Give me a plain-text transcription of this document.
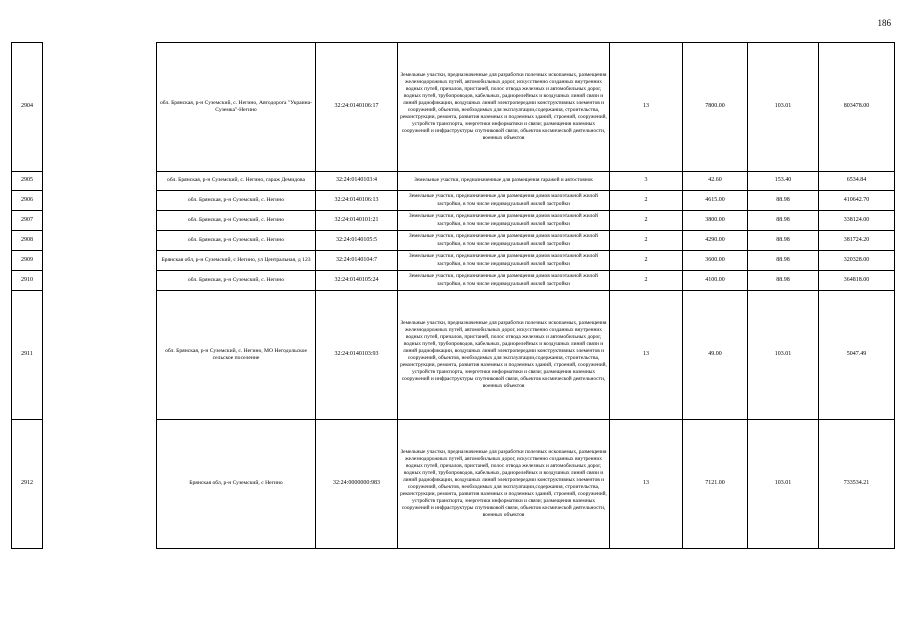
186
2904		обл. Брянская, р-н Суземский, с. Негино, Автодорога "Украина-Суземка"-Негино	32:24:0140106:17	Земельные участки, предназначенные для разработки полезных ископаемых, размещения железнодорожных путей, автомобильных дорог, искусственно созданных внутренних водных путей, причалов, пристаней, полос отвода железных и автомобильных дорог, водных путей, трубопроводов, кабельных, радиорелейных и воздушных линий связи и линий радиофикации, воздушных линий электропередачи конструктивных элементов и сооружений, объектов, необходимых для эксплуатации,содержания, строительства, реконструкции, ремонта, развития наземных и подземных зданий, строений, сооружений, устройств транспорта, энергетики информатики и связи; размещения наземных сооружений и инфраструктуры спутниковой связи, объектов космической деятельности, военных объектов	13	7800.00	103.01	803478.00
2905		обл. Брянская, р-н Суземский, с. Негино, гараж Демидова	32:24:0140103:4	Земельные участки, предназначенные для размещения гаражей и автостоянок	3	42.60	153.40	6534.84
2906		обл. Брянская, р-н Суземский, с. Негино	32:24:0140106:13	Земельные участки, предназначенные для размещения домов малоэтажной жилой застройки, в том числе индивидуальной жилой застройки	2	4615.00	88.98	410642.70
2907		обл. Брянская, р-н Суземский, с. Негино	32:24:0140101:21	Земельные участки, предназначенные для размещения домов малоэтажной жилой застройки, в том числе индивидуальной жилой застройки	2	3800.00	88.98	338124.00
2908		обл. Брянская, р-н Суземский, с. Негино	32:24:0140105:5	Земельные участки, предназначенные для размещения домов малоэтажной жилой застройки, в том числе индивидуальной жилой застройки	2	4290.00	88.98	381724.20
2909		Брянская обл, р-н Суземский, с Негино, ул Центральная, д 123	32:24:0140104:7	Земельные участки, предназначенные для размещения домов малоэтажной жилой застройки, в том числе индивидуальной жилой застройки	2	3600.00	88.98	320328.00
2910		обл. Брянская, р-н Суземский, с. Негино	32:24:0140105:24	Земельные участки, предназначенные для размещения домов малоэтажной жилой застройки, в том числе индивидуальной жилой застройки	2	4100.00	88.98	364818.00
2911		обл. Брянская, р-н Суземский, с. Негино, МО Негодольское сельское поселение	32:24:0140103:93	Земельные участки, предназначенные для разработки полезных ископаемых, размещения железнодорожных путей, автомобильных дорог, искусственно созданных внутренних водных путей, причалов, пристаней, полос отвода железных и автомобильных дорог, водных путей, трубопроводов, кабельных, радиорелейных и воздушных линий связи и линий радиофикации, воздушных линий электропередачи конструктивных элементов и сооружений, объектов, необходимых для эксплуатации,содержания, строительства, реконструкции, ремонта, развития наземных и подземных зданий, строений, сооружений, устройств транспорта, энергетики информатики и связи; размещения наземных сооружений и инфраструктуры спутниковой связи, объектов космической деятельности, военных объектов	13	49.00	103.01	5047.49
2912		Брянская обл, р-н Суземский, с Негино	32:24:0000000:983	Земельные участки, предназначенные для разработки полезных ископаемых, размещения железнодорожных путей, автомобильных дорог, искусственно созданных внутренних водных путей, причалов, пристаней, полос отвода железных и автомобильных дорог, водных путей, трубопроводов, кабельных, радиорелейных и воздушных линий связи и линий радиофикации, воздушных линий электропередачи конструктивных элементов и сооружений, объектов, необходимых для эксплуатации,содержания, строительства, реконструкции, ремонта, развития наземных и подземных зданий, строений, сооружений, устройств транспорта, энергетики информатики и связи; размещения наземных сооружений и инфраструктуры спутниковой связи, объектов космической деятельности, военных объектов	13	7121.00	103.01	733534.21
